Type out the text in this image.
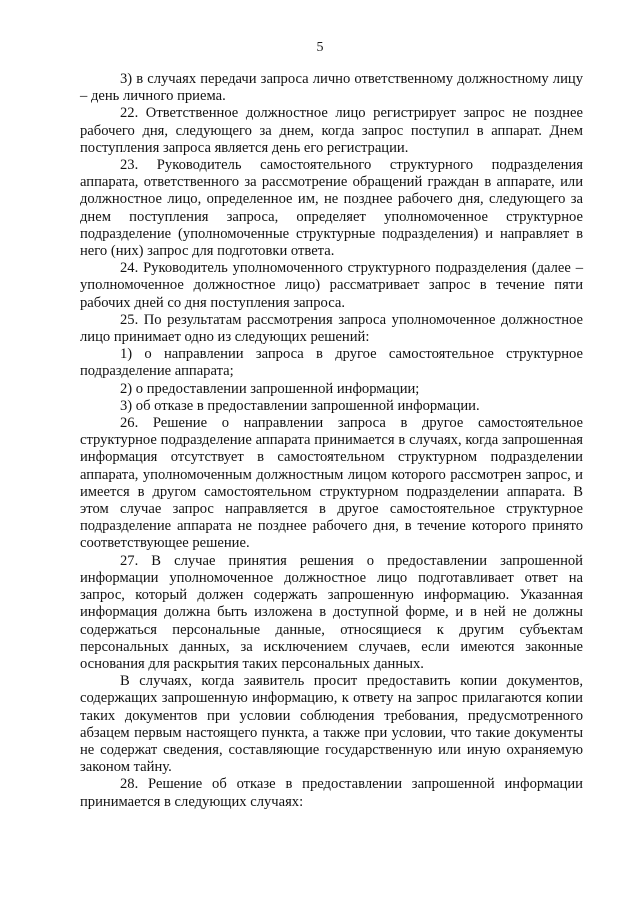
5

3) в случаях передачи запроса лично ответственному должностному лицу – день личного приема.

22. Ответственное должностное лицо регистрирует запрос не позднее рабочего дня, следующего за днем, когда запрос поступил в аппарат. Днем поступления запроса является день его регистрации.

23. Руководитель самостоятельного структурного подразделения аппарата, ответственного за рассмотрение обращений граждан в аппарате, или должностное лицо, определенное им, не позднее рабочего дня, следующего за днем поступления запроса, определяет уполномоченное структурное подразделение (уполномоченные структурные подразделения) и направляет в него (них) запрос для подготовки ответа.

24. Руководитель уполномоченного структурного подразделения (далее – уполномоченное должностное лицо) рассматривает запрос в течение пяти рабочих дней со дня поступления запроса.

25. По результатам рассмотрения запроса уполномоченное должностное лицо принимает одно из следующих решений:

1) о направлении запроса в другое самостоятельное структурное подразделение аппарата;

2) о предоставлении запрошенной информации;

3) об отказе в предоставлении запрошенной информации.

26. Решение о направлении запроса в другое самостоятельное структурное подразделение аппарата принимается в случаях, когда запрошенная информация отсутствует в самостоятельном структурном подразделении аппарата, уполномоченным должностным лицом которого рассмотрен запрос, и имеется в другом самостоятельном структурном подразделении аппарата. В этом случае запрос направляется в другое самостоятельное структурное подразделение аппарата не позднее рабочего дня, в течение которого принято соответствующее решение.

27. В случае принятия решения о предоставлении запрошенной информации уполномоченное должностное лицо подготавливает ответ на запрос, который должен содержать запрошенную информацию. Указанная информация должна быть изложена в доступной форме, и в ней не должны содержаться персональные данные, относящиеся к другим субъектам персональных данных, за исключением случаев, если имеются законные основания для раскрытия таких персональных данных.

В случаях, когда заявитель просит предоставить копии документов, содержащих запрошенную информацию, к ответу на запрос прилагаются копии таких документов при условии соблюдения требования, предусмотренного абзацем первым настоящего пункта, а также при условии, что такие документы не содержат сведения, составляющие государственную или иную охраняемую законом тайну.

28. Решение об отказе в предоставлении запрошенной информации принимается в следующих случаях:
